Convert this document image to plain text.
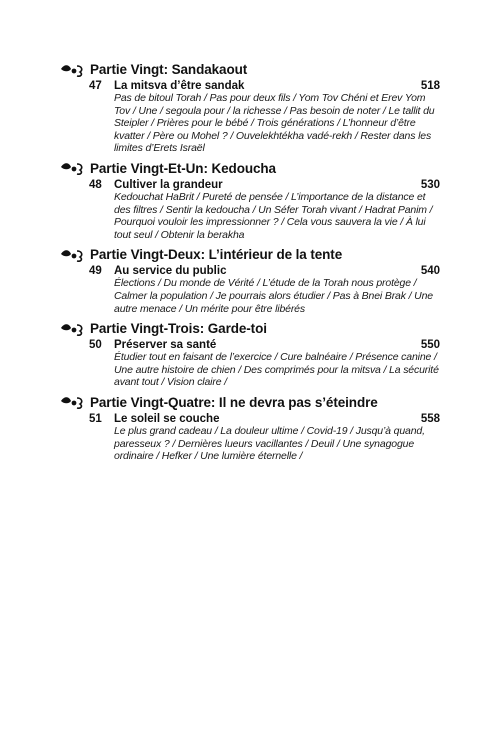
Partie Vingt: Sandakaout
47	La mitsva d’être sandak	518
Pas de bitoul Torah / Pas pour deux fils / Yom Tov Chéni et Erev Yom Tov / Une / segoula pour / la richesse / Pas besoin de noter / Le tallit du Steipler / Prières pour le bébé / Trois générations / L’honneur d’être kvatter / Père ou Mohel ? / Ouvelekhtékha vadé-rekh / Rester dans les limites d’Erets Israël
Partie Vingt-Et-Un: Kedoucha
48	Cultiver la grandeur	530
Kedouchat HaBrit / Pureté de pensée / L’importance de la distance et des filtres / Sentir la kedoucha / Un Séfer Torah vivant / Hadrat Panim / Pourquoi vouloir les impressionner ? / Cela vous sauvera la vie / À lui tout seul / Obtenir la berakha
Partie Vingt-Deux: L’intérieur de la tente
49	Au service du public	540
Élections / Du monde de Vérité / L’étude de la Torah nous protège / Calmer la population / Je pourrais alors étudier / Pas à Bnei Brak / Une autre menace / Un mérite pour être libérés
Partie Vingt-Trois: Garde-toi
50	Préserver sa santé	550
Étudier tout en faisant de l’exercice / Cure balnéaire / Présence canine / Une autre histoire de chien / Des comprimés pour la mitsva / La sécurité avant tout / Vision claire /
Partie Vingt-Quatre: Il ne devra pas s’éteindre
51	Le soleil se couche	558
Le plus grand cadeau / La douleur ultime / Covid-19 / Jusqu’à quand, paresseux ? / Dernières lueurs vacillantes / Deuil / Une synagogue ordinaire / Hefker / Une lumière éternelle /
